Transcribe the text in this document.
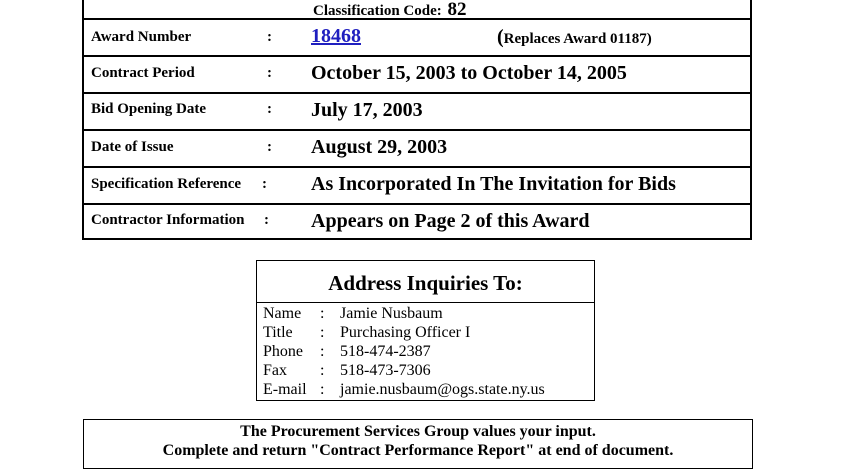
Classification Code: 82
Award Number	: 18468	(Replaces Award 01187)
Contract Period	: October 15, 2003 to October 14, 2005
Bid Opening Date	: July 17, 2003
Date of Issue	: August 29, 2003
Specification Reference : As Incorporated In The Invitation for Bids
Contractor Information : Appears on Page 2 of this Award
Address Inquiries To:
Name : Jamie Nusbaum
Title : Purchasing Officer I
Phone : 518-474-2387
Fax : 518-473-7306
E-mail : jamie.nusbaum@ogs.state.ny.us
The Procurement Services Group values your input.
Complete and return "Contract Performance Report" at end of document.
